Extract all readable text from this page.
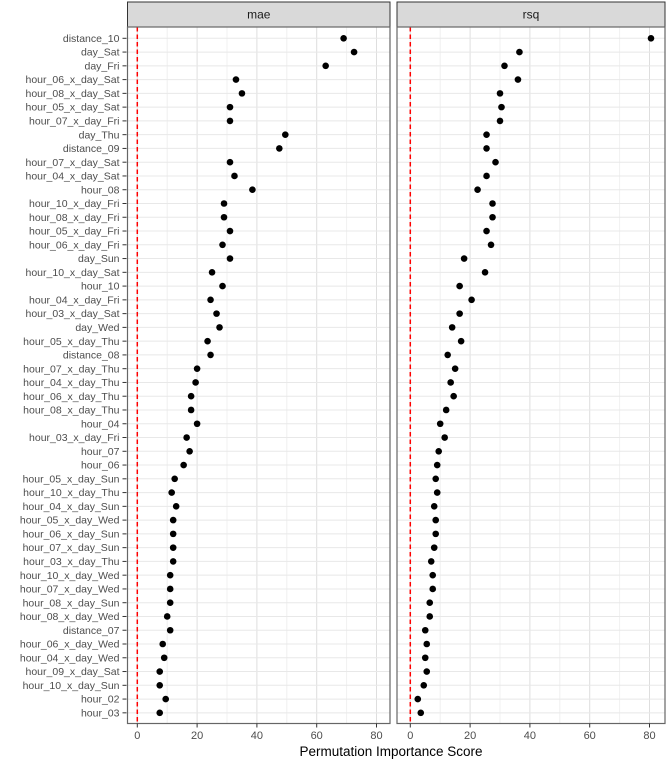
distance_10
day_Sat
day_Fri
hour_06_x_day_Sat
hour_08_x_day_Sat
hour_05_x_day_Sat
hour_07_x_day_Fri
day_Thu
distance_09
hour_07_x_day_Sat
hour_04_x_day_Sat
hour_08
hour_10_x_day_Fri
hour_08_x_day_Fri
hour_05_x_day_Fri
hour_06_x_day_Fri
day_Sun
hour_10_x_day_Sat
hour_10
hour_04_x_day_Fri
hour_03_x_day_Sat
day_Wed
hour_05_x_day_Thu
distance_08
hour_07_x_day_Thu
hour_04_x_day_Thu
hour_06_x_day_Thu
hour_08_x_day_Thu
hour_04
hour_03_x_day_Fri
hour_07
hour_06
hour_05_x_day_Sun
hour_10_x_day_Thu
hour_04_x_day_Sun
hour_05_x_day_Wed
hour_06_x_day_Sun
hour_07_x_day_Sun
hour_03_x_day_Thu
hour_10_x_day_Wed
hour_07_x_day_Wed
hour_08_x_day_Sun
hour_08_x_day_Wed
distance_07
hour_06_x_day_Wed
hour_04_x_day_Wed
hour_09_x_day_Sat
hour_10_x_day_Sun
hour_02
hour_03
mae
0	20	40	60	80
rsq
0	20	40	60	80
Permutation Importance Score
